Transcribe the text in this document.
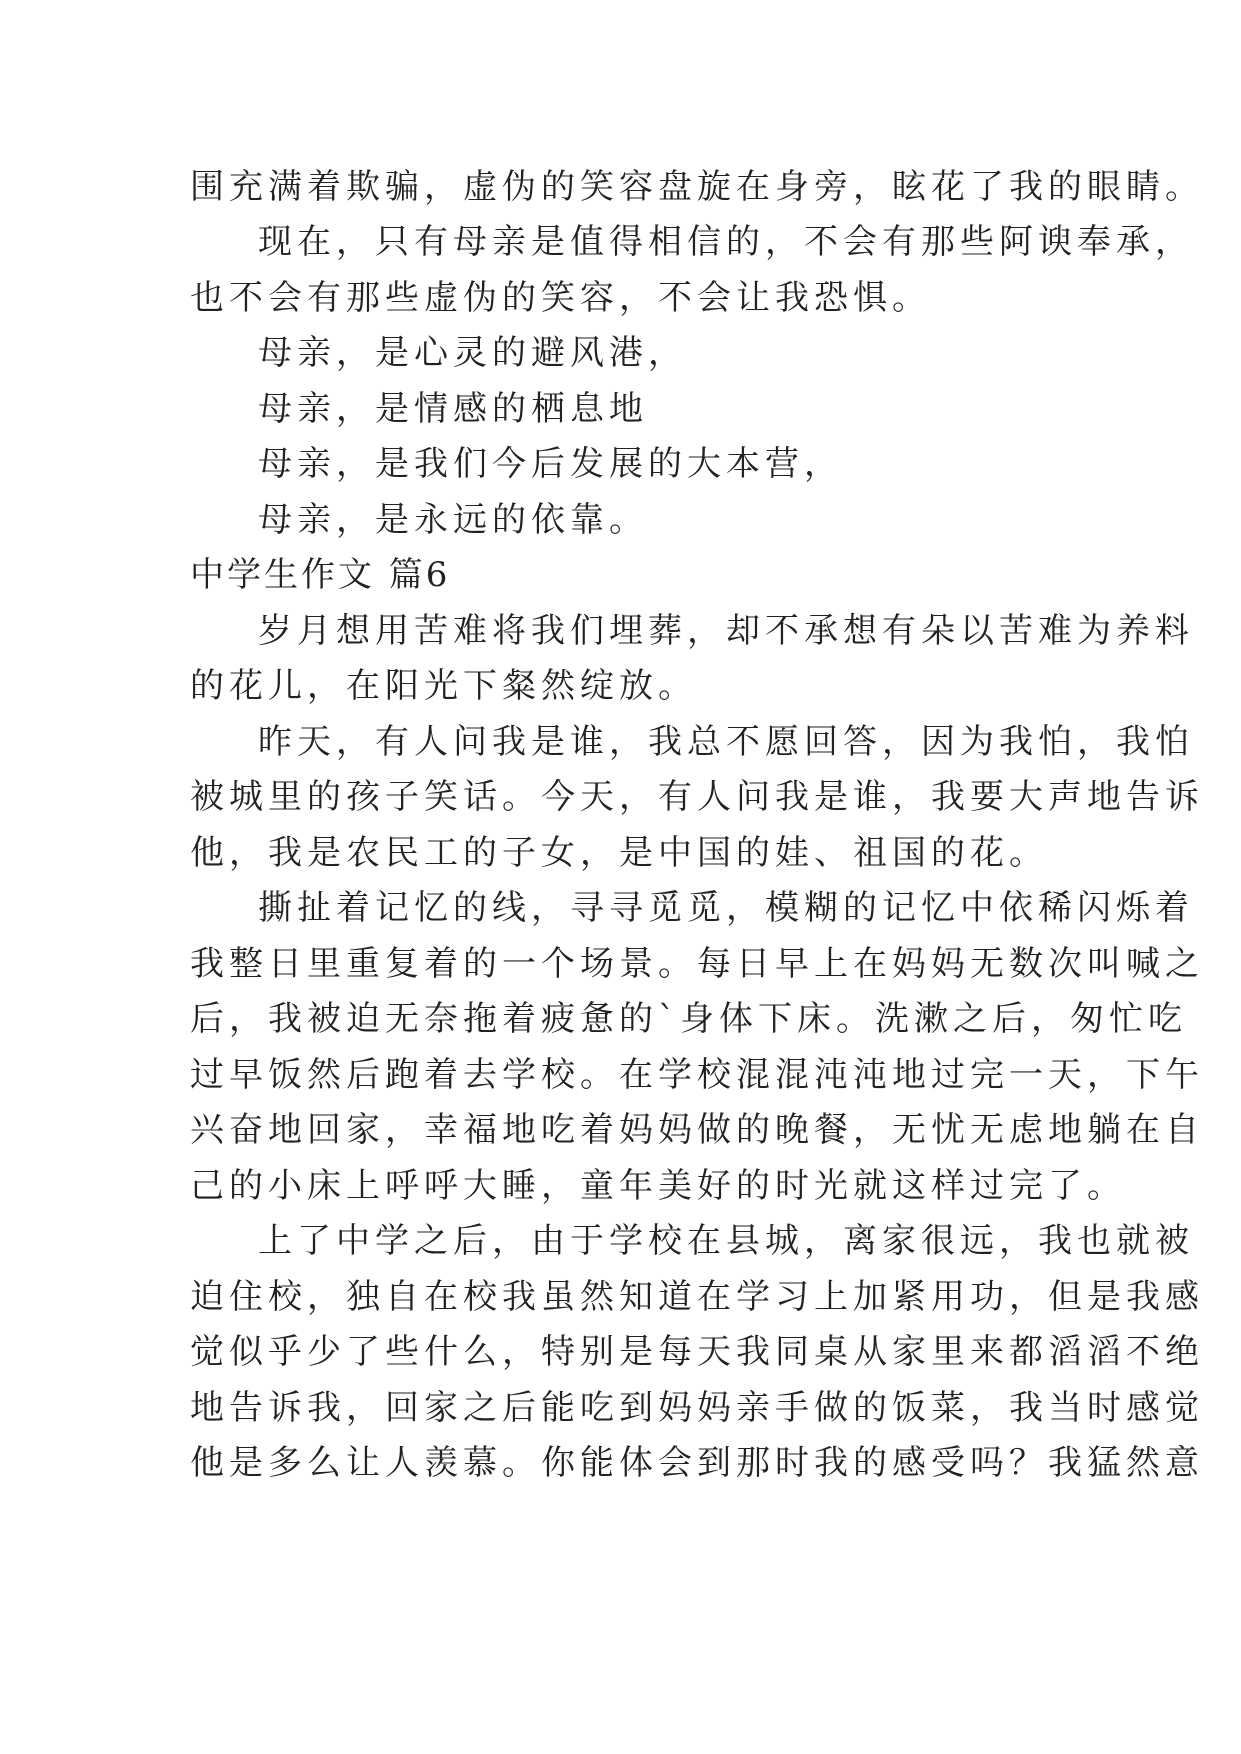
围充满着欺骗，虚伪的笑容盘旋在身旁，眩花了我的眼睛。
现在，只有母亲是值得相信的，不会有那些阿谀奉承，
也不会有那些虚伪的笑容，不会让我恐惧。
母亲，是心灵的避风港，
母亲，是情感的栖息地
母亲，是我们今后发展的大本营，
母亲，是永远的依靠。
中学生作文 篇6
岁月想用苦难将我们埋葬，却不承想有朵以苦难为养料
的花儿，在阳光下粲然绽放。
昨天，有人问我是谁，我总不愿回答，因为我怕，我怕
被城里的孩子笑话。今天，有人问我是谁，我要大声地告诉
他，我是农民工的子女，是中国的娃、祖国的花。
撕扯着记忆的线，寻寻觅觅，模糊的记忆中依稀闪烁着
我整日里重复着的一个场景。每日早上在妈妈无数次叫喊之
后，我被迫无奈拖着疲惫的`身体下床。洗漱之后，匆忙吃
过早饭然后跑着去学校。在学校混混沌沌地过完一天，下午
兴奋地回家，幸福地吃着妈妈做的晚餐，无忧无虑地躺在自
己的小床上呼呼大睡，童年美好的时光就这样过完了。
上了中学之后，由于学校在县城，离家很远，我也就被
迫住校，独自在校我虽然知道在学习上加紧用功，但是我感
觉似乎少了些什么，特别是每天我同桌从家里来都滔滔不绝
地告诉我，回家之后能吃到妈妈亲手做的饭菜，我当时感觉
他是多么让人羡慕。你能体会到那时我的感受吗？我猛然意
